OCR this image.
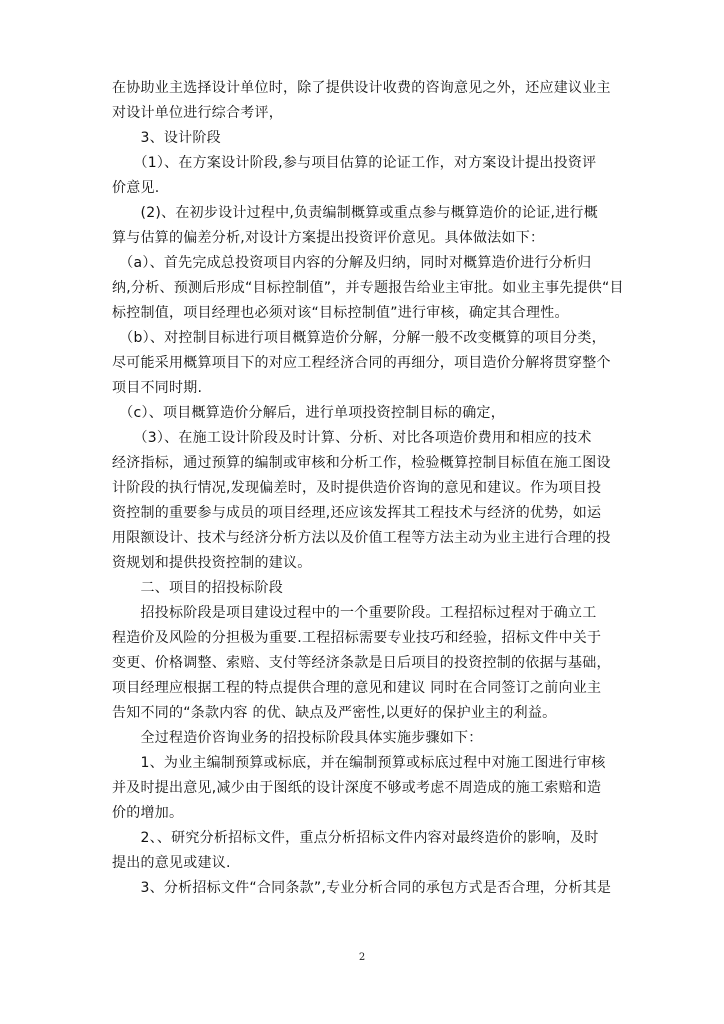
在协助业主选择设计单位时，除了提供设计收费的咨询意见之外，还应建议业主
对设计单位进行综合考评，
　　3、设计阶段
　　（1）、在方案设计阶段,参与项目估算的论证工作，对方案设计提出投资评
价意见.
　　(2)、在初步设计过程中,负责编制概算或重点参与概算造价的论证,进行概
算与估算的偏差分析,对设计方案提出投资评价意见。具体做法如下：
　（a）、首先完成总投资项目内容的分解及归纳，同时对概算造价进行分析归
纳,分析、预测后形成“目标控制值”，并专题报告给业主审批。如业主事先提供“目
标控制值，项目经理也必须对该“目标控制值”进行审核，确定其合理性。
　（b）、对控制目标进行项目概算造价分解，分解一般不改变概算的项目分类，
尽可能采用概算项目下的对应工程经济合同的再细分，项目造价分解将贯穿整个
项目不同时期.
　（c）、项目概算造价分解后，进行单项投资控制目标的确定，
　　（3）、在施工设计阶段及时计算、分析、对比各项造价费用和相应的技术
经济指标，通过预算的编制或审核和分析工作，检验概算控制目标值在施工图设
计阶段的执行情况,发现偏差时，及时提供造价咨询的意见和建议。作为项目投
资控制的重要参与成员的项目经理,还应该发挥其工程技术与经济的优势，如运
用限额设计、技术与经济分析方法以及价值工程等方法主动为业主进行合理的投
资规划和提供投资控制的建议。
　　二、项目的招投标阶段
　　招投标阶段是项目建设过程中的一个重要阶段。工程招标过程对于确立工
程造价及风险的分担极为重要.工程招标需要专业技巧和经验，招标文件中关于
变更、价格调整、索赔、支付等经济条款是日后项目的投资控制的依据与基础，
项目经理应根据工程的特点提供合理的意见和建议 同时在合同签订之前向业主
告知不同的“条款内容 的优、缺点及严密性,以更好的保护业主的利益。
　　全过程造价咨询业务的招投标阶段具体实施步骤如下：
　　1、为业主编制预算或标底，并在编制预算或标底过程中对施工图进行审核
并及时提出意见,减少由于图纸的设计深度不够或考虑不周造成的施工索赔和造
价的增加。
　　2、、研究分析招标文件，重点分析招标文件内容对最终造价的影响，及时
提出的意见或建议.
　　3、分析招标文件“合同条款”,专业分析合同的承包方式是否合理，分析其是
2
